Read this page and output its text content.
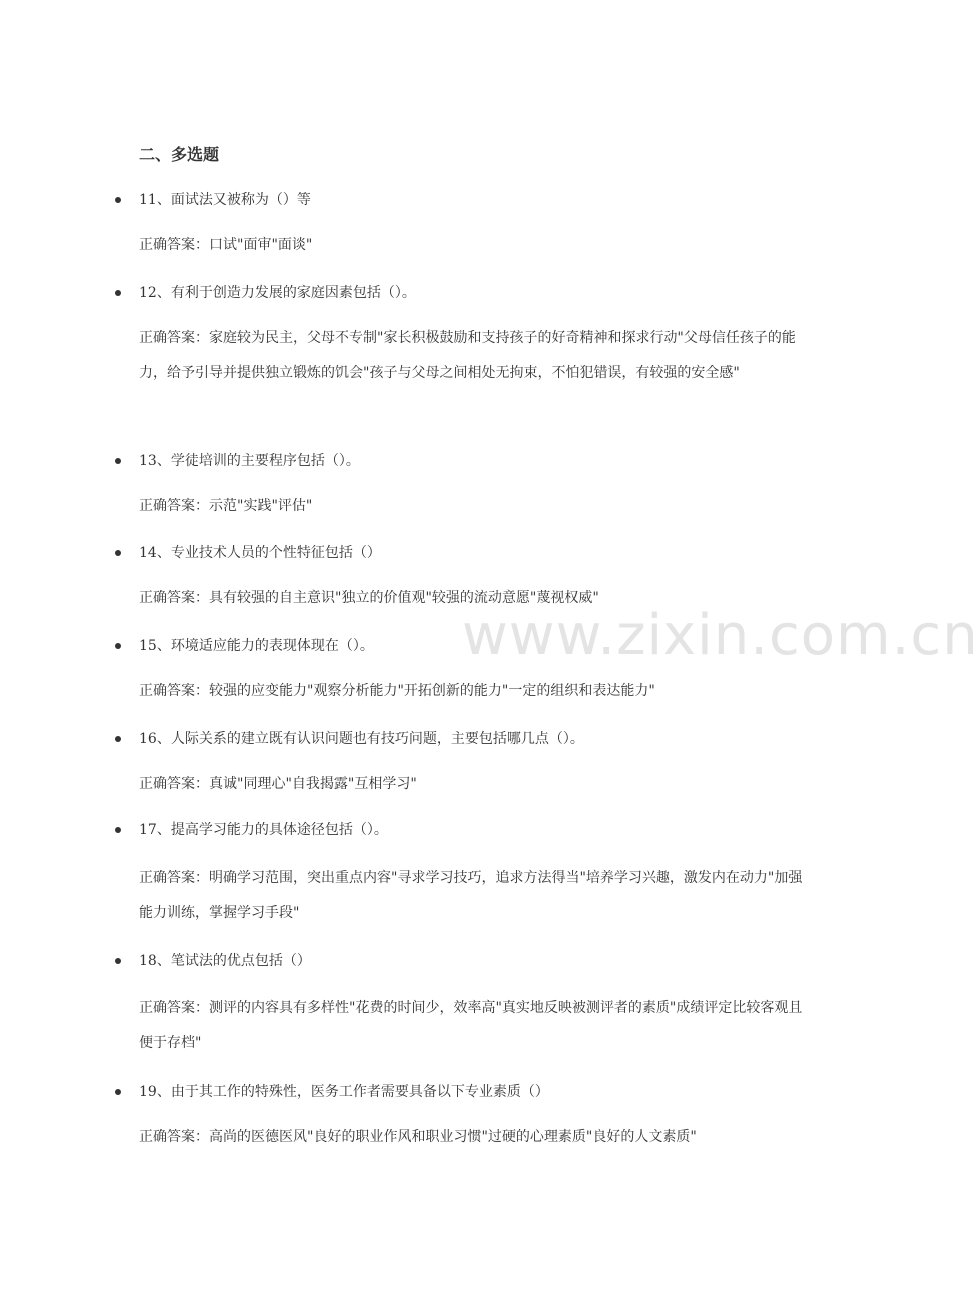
二、多选题
11、面试法又被称为（）等
正确答案：口试"面审"面谈"
12、有利于创造力发展的家庭因素包括（）。
正确答案：家庭较为民主，父母不专制"家长积极鼓励和支持孩子的好奇精神和探求行动"父母信任孩子的能力，给予引导并提供独立锻炼的饥会"孩子与父母之间相处无拘束，不怕犯错误，有较强的安全感"
13、学徒培训的主要程序包括（）。
正确答案：示范"实践"评估"
14、专业技术人员的个性特征包括（）
正确答案：具有较强的自主意识"独立的价值观"较强的流动意愿"蔑视权威"
15、环境适应能力的表现体现在（）。
正确答案：较强的应变能力"观察分析能力"开拓创新的能力"一定的组织和表达能力"
16、人际关系的建立既有认识问题也有技巧问题，主要包括哪几点（）。
正确答案：真诚"同理心"自我揭露"互相学习"
17、提高学习能力的具体途径包括（）。
正确答案：明确学习范围，突出重点内容"寻求学习技巧，追求方法得当"培养学习兴趣，激发内在动力"加强能力训练，掌握学习手段"
18、笔试法的优点包括（）
正确答案：测评的内容具有多样性"花费的时间少，效率高"真实地反映被测评者的素质"成绩评定比较客观且便于存档"
19、由于其工作的特殊性，医务工作者需要具备以下专业素质（）
正确答案：高尚的医德医风"良好的职业作风和职业习惯"过硬的心理素质"良好的人文素质"
www.zixin.com.cn
